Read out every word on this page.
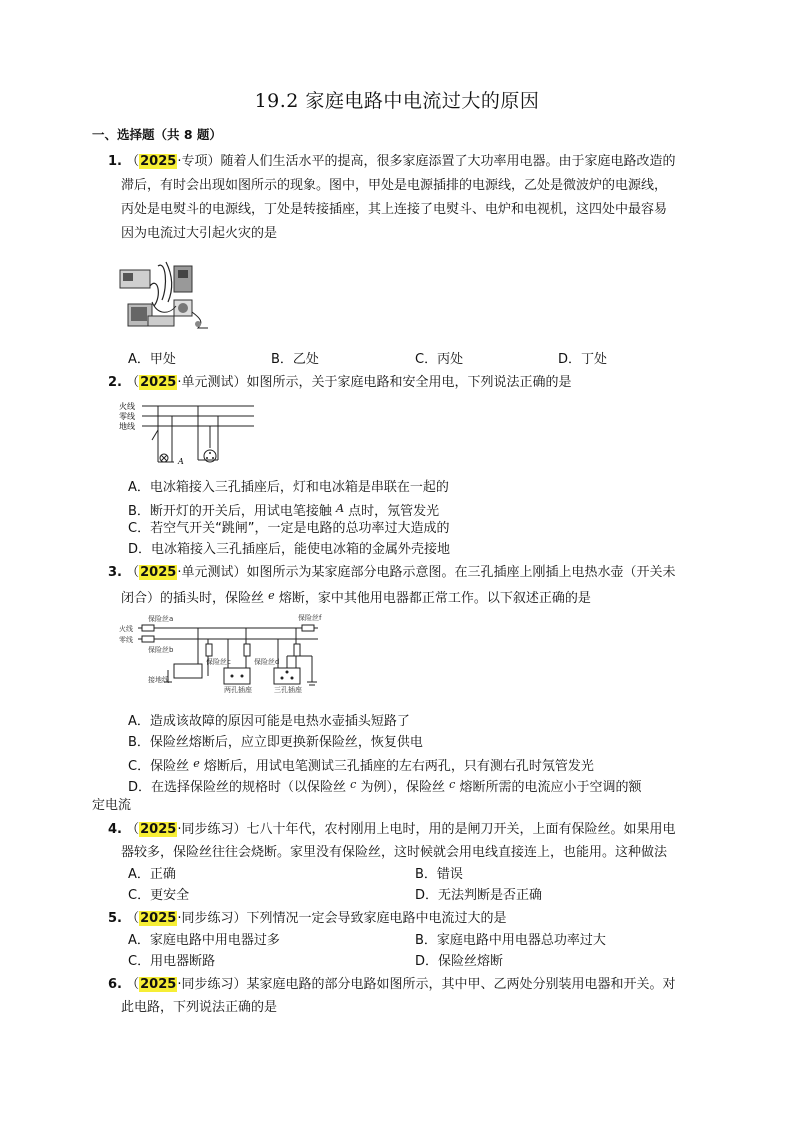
19.2 家庭电路中电流过大的原因
一、选择题（共 8 题）
1. （2025·专项）随着人们生活水平的提高，很多家庭添置了大功率用电器。由于家庭电路改造的
滞后，有时会出现如图所示的现象。图中，甲处是电源插排的电源线，乙处是微波炉的电源线，
丙处是电熨斗的电源线，丁处是转接插座，其上连接了电熨斗、电炉和电视机，这四处中最容易
因为电流过大引起火灾的是
A．甲处	B．乙处	C．丙处	D．丁处
2. （2025·单元测试）如图所示，关于家庭电路和安全用电，下列说法正确的是
火线
零线
地线
A
A．电冰箱接入三孔插座后，灯和电冰箱是串联在一起的
B．断开灯的开关后，用试电笔接触 $^A$ 点时，氖管发光
C．若空气开关“跳闸”，一定是电路的总功率过大造成的
D．电冰箱接入三孔插座后，能使电冰箱的金属外壳接地
3. （2025·单元测试）如图所示为某家庭部分电路示意图。在三孔插座上刚插上电热水壶（开关未
闭合）的插头时，保险丝 $^e$ 熔断，家中其他用电器都正常工作。以下叙述正确的是
保险丝a
火线
零线
保险丝b
保险丝c	保险丝d
保险丝f
接地线
两孔插座	三孔插座
A．造成该故障的原因可能是电热水壶插头短路了
B．保险丝熔断后，应立即更换新保险丝，恢复供电
C．保险丝 $^e$ 熔断后，用试电笔测试三孔插座的左右两孔，只有测右孔时氖管发光
D．在选择保险丝的规格时（以保险丝 $^c$ 为例），保险丝 $^c$ 熔断所需的电流应小于空调的额
定电流
4. （2025·同步练习）七八十年代，农村刚用上电时，用的是闸刀开关，上面有保险丝。如果用电
器较多，保险丝往往会烧断。家里没有保险丝，这时候就会用电线直接连上，也能用。这种做法
A．正确	B．错误
C．更安全	D．无法判断是否正确
5. （2025·同步练习）下列情况一定会导致家庭电路中电流过大的是
A．家庭电路中用电器过多	B．家庭电路中用电器总功率过大
C．用电器断路	D．保险丝熔断
6. （2025·同步练习）某家庭电路的部分电路如图所示，其中甲、乙两处分别装用电器和开关。对
此电路，下列说法正确的是
